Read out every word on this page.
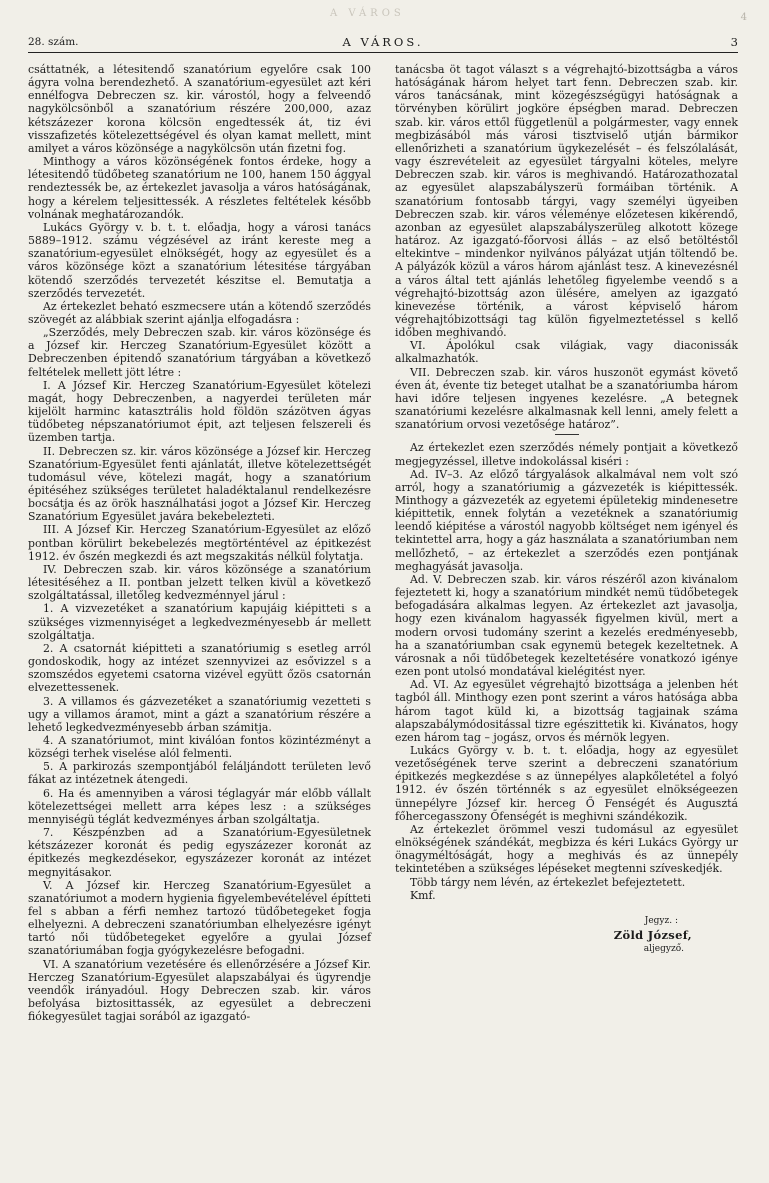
A VÁROS	4
28. szám.	A VÁROS.	3

csáttatnék, a létesitendő szanatórium egyelőre csak 100 ágyra volna berendezhető. A szanatórium-egyesület azt kéri ennélfogva Debreczen sz. kir. várostól, hogy a felveendő nagykölcsönből a szanatórium részére 200,000, azaz kétszázezer korona kölcsön engedtessék át, tiz évi visszafizetés kötelezettségével és olyan kamat mellett, mint amilyet a város közönsége a nagykölcsön után fizetni fog.

Minthogy a város közönségének fontos érdeke, hogy a létesitendő tüdőbeteg szanatórium ne 100, hanem 150 ággyal rendeztessék be, az értekezlet javasolja a város hatóságának, hogy a kérelem teljesittessék. A részletes feltételek később volnának meghatározandók.

Lukács György v. b. t. t. előadja, hogy a városi tanács 5889–1912. számu végzésével az iránt kereste meg a szanatórium-egyesület elnökségét, hogy az egyesület és a város közönsége közt a szanatórium létesitése tárgyában kötendő szerződés tervezetét készitse el. Bemutatja a szerződés tervezetét.

Az értekezlet beható eszmecsere után a kötendő szerződés szövegét az alábbiak szerint ajánlja elfogadásra :

„Szerződés, mely Debreczen szab. kir. város közönsége és a József kir. Herczeg Szanatórium-Egyesület között a Debreczenben épitendő szanatórium tárgyában a következő feltételek mellett jött létre :

I. A József Kir. Herczeg Szanatórium-Egyesület kötelezi magát, hogy Debreczenben, a nagyerdei területen már kijelölt harminc katasztrális hold földön százötven ágyas tüdőbeteg népszanatóriumot épit, azt teljesen felszereli és üzemben tartja.

II. Debreczen sz. kir. város közönsége a József kir. Herczeg Szanatórium-Egyesület fenti ajánlatát, illetve kötelezettségét tudomásul véve, kötelezi magát, hogy a szanatórium épitéséhez szükséges területet haladéktalanul rendelkezésre bocsátja és az örök használhatási jogot a József Kir. Herczeg Szanatórium Egyesület javára bekebelezteti.

III. A József Kir. Herczeg Szanatórium-Egyesület az előző pontban körülirt bekebelezés megtörténtével az épitkezést 1912. év őszén megkezdi és azt megszakitás nélkül folytatja.

IV. Debreczen szab. kir. város közönsége a szanatórium létesitéséhez a II. pontban jelzett telken kivül a következő szolgáltatással, illetőleg kedvezménnyel járul :

1. A vizvezetéket a szanatórium kapujáig kiépitteti s a szükséges vizmennyiséget a legkedvezményesebb ár mellett szolgáltatja.

2. A csatornát kiépitteti a szanatóriumig s esetleg arról gondoskodik, hogy az intézet szennyvizei az esővizzel s a szomszédos egyetemi csatorna vizével együtt őzös csatornán elvezettessenek.

3. A villamos és gázvezetéket a szanatóriumig vezetteti s ugy a villamos áramot, mint a gázt a szanatórium részére a lehető legkedvezményesebb árban számitja.

4. A szanatóriumot, mint kiválóan fontos közintézményt a községi terhek viselése alól felmenti.

5. A parkirozás szempontjából feláljándott területen levő fákat az intézetnek átengedi.

6. Ha és amennyiben a városi téglagyár már előbb vállalt kötelezettségei mellett arra képes lesz : a szükséges mennyiségü téglát kedvezményes árban szolgáltatja.

7. Készpénzben ad a Szanatórium-Egyesületnek kétszázezer koronát és pedig egyszázezer koronát az épitkezés megkezdésekor, egyszázezer koronát az intézet megnyitásakor.

V. A József kir. Herczeg Szanatórium-Egyesület a szanatóriumot a modern hygienia figyelembevételével építteti fel s abban a férfi nemhez tartozó tüdőbetegeket fogja elhelyezni. A debreczeni szanatóriumban elhelyezésre igényt tartó női tüdőbetegeket egyelőre a gyulai József szanatóriumában fogja gyógykezelésre befogadni.

VI. A szanatórium vezetésére és ellenőrzésére a József Kir. Herczeg Szanatórium-Egyesület alapszabályai és ügyrendje veendők irányadóul. Hogy Debreczen szab. kir. város befolyása biztosittassék, az egyesület a debreczeni fiókegyesület tagjai sorából az igazgató-

tanácsba öt tagot választ s a végrehajtó-bizottságba a város hatóságának három helyet tart fenn. Debreczen szab. kir. város tanácsának, mint közegészségügyi hatóságnak a törvényben körülirt jogköre épségben marad. Debreczen szab. kir. város ettől függetlenül a polgármester, vagy ennek megbizásából más városi tisztviselő utján bármikor ellenőrizheti a szanatórium ügykezelését – és felszólalását, vagy észrevételeit az egyesület tárgyalni köteles, melyre Debreczen szab. kir. város is meghivandó. Határozathozatal az egyesület alapszabályszerü formáiban történik. A szanatórium fontosabb tárgyi, vagy személyi ügyeiben Debreczen szab. kir. város véleménye előzetesen kikérendő, azonban az egyesület alapszabályszerüleg alkotott közege határoz. Az igazgató-főorvosi állás – az első betöltéstől eltekintve – mindenkor nyilvános pályázat utján töltendő be. A pályázók közül a város három ajánlást tesz. A kinevezésnél a város által tett ajánlás lehetőleg figyelembe veendő s a végrehajtó-bizottság azon ülésére, amelyen az igazgató kinevezése történik, a várost képviselő három végrehajtóbizottsági tag külön figyelmeztetéssel s kellő időben meghivandó.

VI. Ápolókul csak világiak, vagy diaconissák alkalmazhatók.

VII. Debreczen szab. kir. város huszonöt egymást követő éven át, évente tiz beteget utalhat be a szanatóriumba három havi időre teljesen ingyenes kezelésre. „A betegnek szanatóriumi kezelésre alkalmasnak kell lenni, amely felett a szanatórium orvosi vezetősége határoz”.

Az értekezlet ezen szerződés némely pontjait a következő megjegyzéssel, illetve indokolással kiséri :

Ad. IV–3. Az előző tárgyalások alkalmával nem volt szó arról, hogy a szanatóriumig a gázvezeték is kiépittessék. Minthogy a gázvezeték az egyetemi épületekig mindenesetre kiépittetik, ennek folytán a vezetéknek a szanatóriumig leendő kiépitése a várostól nagyobb költséget nem igényel és tekintettel arra, hogy a gáz használata a szanatóriumban nem mellőzhető, – az értekezlet a szerződés ezen pontjának meghagyását javasolja.

Ad. V. Debreczen szab. kir. város részéről azon kivánalom fejeztetett ki, hogy a szanatórium mindkét nemü tüdőbetegek befogadására alkalmas legyen. Az értekezlet azt javasolja, hogy ezen kivánalom hagyassék figyelmen kivül, mert a modern orvosi tudomány szerint a kezelés eredményesebb, ha a szanatóriumban csak egynemü betegek kezeltetnek. A városnak a női tüdőbetegek kezeltetésére vonatkozó igénye ezen pont utolsó mondatával kielégitést nyer.

Ad. VI. Az egyesület végrehajtó bizottsága a jelenben hét tagból áll. Minthogy ezen pont szerint a város hatósága abba három tagot küld ki, a bizottság tagjainak száma alapszabálymódositással tizre egészittetik ki. Kivánatos, hogy ezen három tag – jogász, orvos és mérnök legyen.

Lukács György v. b. t. t. előadja, hogy az egyesület vezetőségének terve szerint a debreczeni szanatórium épitkezés megkezdése s az ünnepélyes alapkőletétel a folyó 1912. év őszén történnék s az egyesület elnökségeezen ünnepélyre József kir. herceg Ő Fenségét és Augusztá főhercegasszony Őfenségét is meghivni szándékozik.

Az értekezlet örömmel veszi tudomásul az egyesület elnökségének szándékát, megbizza és kéri Lukács György ur önagyméltóságát, hogy a meghivás és az ünnepély tekintetében a szükséges lépéseket megtenni szíveskedjék.

Több tárgy nem lévén, az értekezlet befejeztetett.

Kmf.

Jegyz. :
Zöld József,
aljegyző.
